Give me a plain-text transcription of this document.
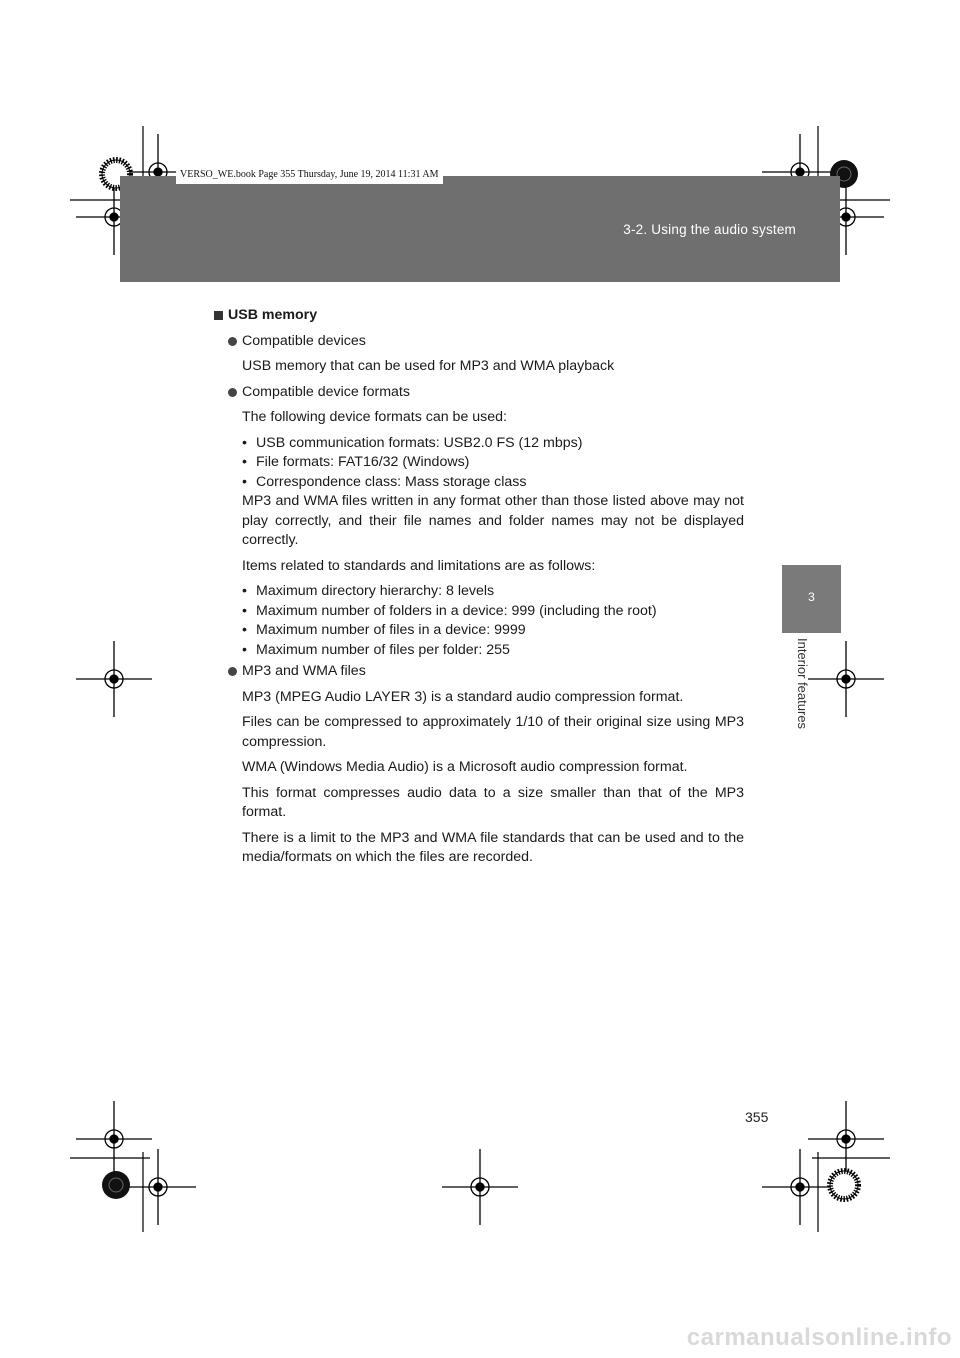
3-2. Using the audio system
VERSO_WE.book Page 355 Thursday, June 19, 2014 11:31 AM
3
Interior features
USB memory
Compatible devices
USB memory that can be used for MP3 and WMA playback
Compatible device formats
The following device formats can be used:
• USB communication formats: USB2.0 FS (12 mbps)
• File formats: FAT16/32 (Windows)
• Correspondence class: Mass storage class
MP3 and WMA files written in any format other than those listed above may not play correctly, and their file names and folder names may not be displayed correctly.
Items related to standards and limitations are as follows:
• Maximum directory hierarchy: 8 levels
• Maximum number of folders in a device: 999 (including the root)
• Maximum number of files in a device: 9999
• Maximum number of files per folder: 255
MP3 and WMA files
MP3 (MPEG Audio LAYER 3) is a standard audio compression format.
Files can be compressed to approximately 1/10 of their original size using MP3 compression.
WMA (Windows Media Audio) is a Microsoft audio compression format.
This format compresses audio data to a size smaller than that of the MP3 format.
There is a limit to the MP3 and WMA file standards that can be used and to the media/formats on which the files are recorded.
355
carmanualsonline.info
